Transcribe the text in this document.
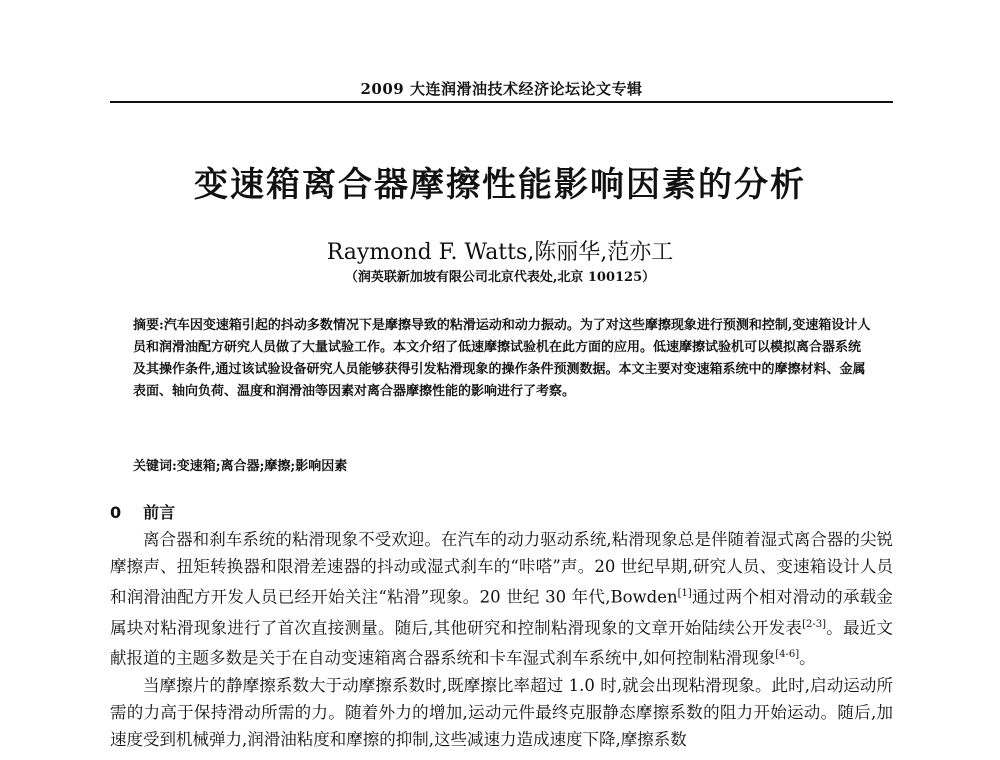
2009 大连润滑油技术经济论坛论文专辑
变速箱离合器摩擦性能影响因素的分析
Raymond F. Watts,陈丽华,范亦工
（润英联新加坡有限公司北京代表处,北京 100125）
摘要:汽车因变速箱引起的抖动多数情况下是摩擦导致的粘滑运动和动力振动。为了对这些摩擦现象进行预测和控制,变速箱设计人员和润滑油配方研究人员做了大量试验工作。本文介绍了低速摩擦试验机在此方面的应用。低速摩擦试验机可以模拟离合器系统及其操作条件,通过该试验设备研究人员能够获得引发粘滑现象的操作条件预测数据。本文主要对变速箱系统中的摩擦材料、金属表面、轴向负荷、温度和润滑油等因素对离合器摩擦性能的影响进行了考察。
关键词:变速箱;离合器;摩擦;影响因素
0 前言

离合器和刹车系统的粘滑现象不受欢迎。在汽车的动力驱动系统,粘滑现象总是伴随着湿式离合器的尖锐摩擦声、扭矩转换器和限滑差速器的抖动或湿式刹车的“咔嗒”声。20 世纪早期,研究人员、变速箱设计人员和润滑油配方开发人员已经开始关注“粘滑”现象。20 世纪 30 年代,Bowden[1]通过两个相对滑动的承载金属块对粘滑现象进行了首次直接测量。随后,其他研究和控制粘滑现象的文章开始陆续公开发表[2-3]。最近文献报道的主题多数是关于在自动变速箱离合器系统和卡车湿式刹车系统中,如何控制粘滑现象[4-6]。

当摩擦片的静摩擦系数大于动摩擦系数时,既摩擦比率超过 1.0 时,就会出现粘滑现象。此时,启动运动所需的力高于保持滑动所需的力。随着外力的增加,运动元件最终克服静态摩擦系数的阻力开始运动。随后,加速度受到机械弹力,润滑油粘度和摩擦的抑制,这些减速力造成速度下降,摩擦系数
